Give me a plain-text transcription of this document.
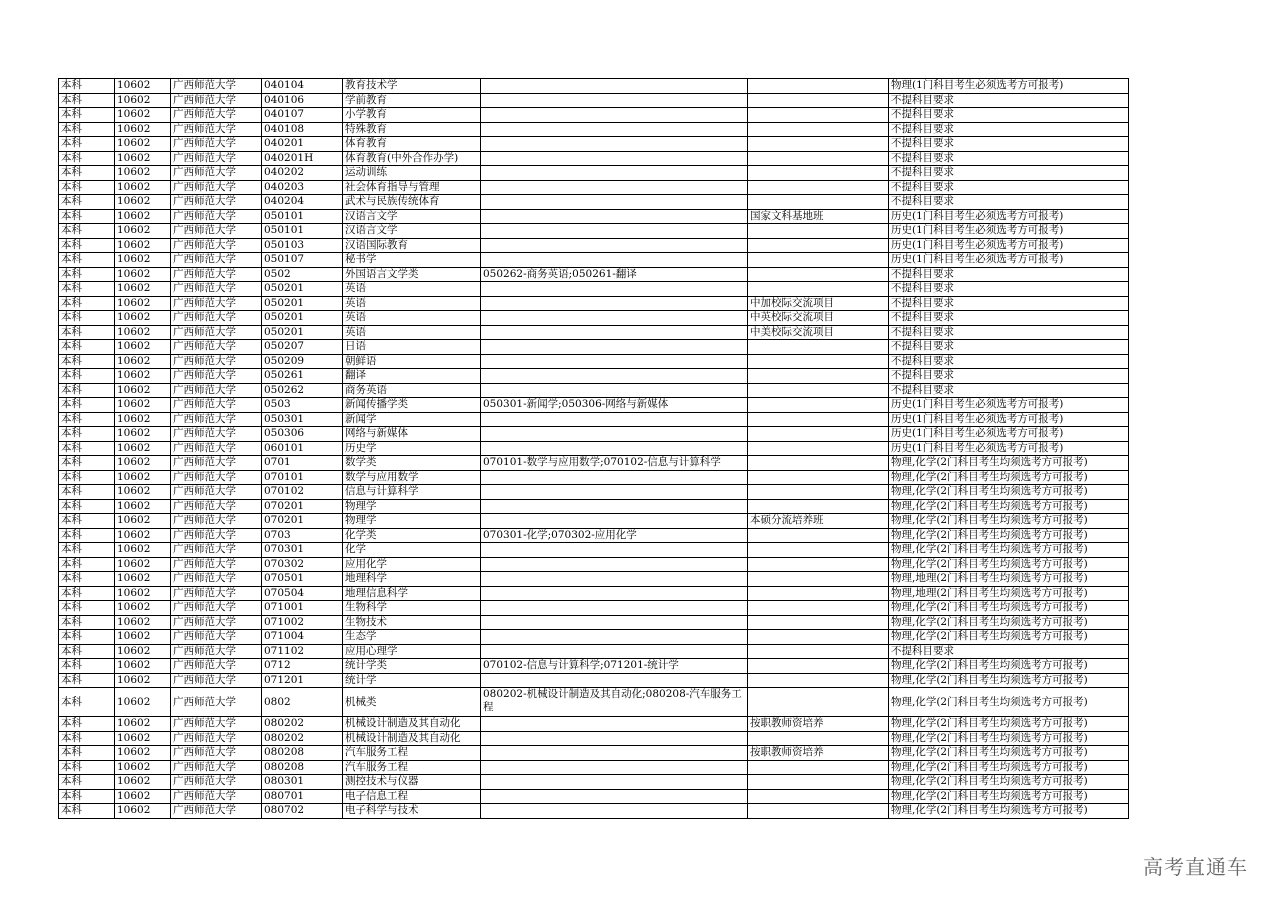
本科	10602	广西师范大学	040104	教育技术学			物理(1门科目考生必须选考方可报考)
本科	10602	广西师范大学	040106	学前教育			不提科目要求
本科	10602	广西师范大学	040107	小学教育			不提科目要求
本科	10602	广西师范大学	040108	特殊教育			不提科目要求
本科	10602	广西师范大学	040201	体育教育			不提科目要求
本科	10602	广西师范大学	040201H	体育教育(中外合作办学)			不提科目要求
本科	10602	广西师范大学	040202	运动训练			不提科目要求
本科	10602	广西师范大学	040203	社会体育指导与管理			不提科目要求
本科	10602	广西师范大学	040204	武术与民族传统体育			不提科目要求
本科	10602	广西师范大学	050101	汉语言文学		国家文科基地班	历史(1门科目考生必须选考方可报考)
本科	10602	广西师范大学	050101	汉语言文学			历史(1门科目考生必须选考方可报考)
本科	10602	广西师范大学	050103	汉语国际教育			历史(1门科目考生必须选考方可报考)
本科	10602	广西师范大学	050107	秘书学			历史(1门科目考生必须选考方可报考)
本科	10602	广西师范大学	0502	外国语言文学类	050262-商务英语;050261-翻译		不提科目要求
本科	10602	广西师范大学	050201	英语			不提科目要求
本科	10602	广西师范大学	050201	英语		中加校际交流项目	不提科目要求
本科	10602	广西师范大学	050201	英语		中英校际交流项目	不提科目要求
本科	10602	广西师范大学	050201	英语		中美校际交流项目	不提科目要求
本科	10602	广西师范大学	050207	日语			不提科目要求
本科	10602	广西师范大学	050209	朝鲜语			不提科目要求
本科	10602	广西师范大学	050261	翻译			不提科目要求
本科	10602	广西师范大学	050262	商务英语			不提科目要求
本科	10602	广西师范大学	0503	新闻传播学类	050301-新闻学;050306-网络与新媒体		历史(1门科目考生必须选考方可报考)
本科	10602	广西师范大学	050301	新闻学			历史(1门科目考生必须选考方可报考)
本科	10602	广西师范大学	050306	网络与新媒体			历史(1门科目考生必须选考方可报考)
本科	10602	广西师范大学	060101	历史学			历史(1门科目考生必须选考方可报考)
本科	10602	广西师范大学	0701	数学类	070101-数学与应用数学;070102-信息与计算科学		物理,化学(2门科目考生均须选考方可报考)
本科	10602	广西师范大学	070101	数学与应用数学			物理,化学(2门科目考生均须选考方可报考)
本科	10602	广西师范大学	070102	信息与计算科学			物理,化学(2门科目考生均须选考方可报考)
本科	10602	广西师范大学	070201	物理学			物理,化学(2门科目考生均须选考方可报考)
本科	10602	广西师范大学	070201	物理学		本硕分流培养班	物理,化学(2门科目考生均须选考方可报考)
本科	10602	广西师范大学	0703	化学类	070301-化学;070302-应用化学		物理,化学(2门科目考生均须选考方可报考)
本科	10602	广西师范大学	070301	化学			物理,化学(2门科目考生均须选考方可报考)
本科	10602	广西师范大学	070302	应用化学			物理,化学(2门科目考生均须选考方可报考)
本科	10602	广西师范大学	070501	地理科学			物理,地理(2门科目考生均须选考方可报考)
本科	10602	广西师范大学	070504	地理信息科学			物理,地理(2门科目考生均须选考方可报考)
本科	10602	广西师范大学	071001	生物科学			物理,化学(2门科目考生均须选考方可报考)
本科	10602	广西师范大学	071002	生物技术			物理,化学(2门科目考生均须选考方可报考)
本科	10602	广西师范大学	071004	生态学			物理,化学(2门科目考生均须选考方可报考)
本科	10602	广西师范大学	071102	应用心理学			不提科目要求
本科	10602	广西师范大学	0712	统计学类	070102-信息与计算科学;071201-统计学		物理,化学(2门科目考生均须选考方可报考)
本科	10602	广西师范大学	071201	统计学			物理,化学(2门科目考生均须选考方可报考)
本科	10602	广西师范大学	0802	机械类	080202-机械设计制造及其自动化;080208-汽车服务工程		物理,化学(2门科目考生均须选考方可报考)
本科	10602	广西师范大学	080202	机械设计制造及其自动化		按职教师资培养	物理,化学(2门科目考生均须选考方可报考)
本科	10602	广西师范大学	080202	机械设计制造及其自动化			物理,化学(2门科目考生均须选考方可报考)
本科	10602	广西师范大学	080208	汽车服务工程		按职教师资培养	物理,化学(2门科目考生均须选考方可报考)
本科	10602	广西师范大学	080208	汽车服务工程			物理,化学(2门科目考生均须选考方可报考)
本科	10602	广西师范大学	080301	测控技术与仪器			物理,化学(2门科目考生均须选考方可报考)
本科	10602	广西师范大学	080701	电子信息工程			物理,化学(2门科目考生均须选考方可报考)
本科	10602	广西师范大学	080702	电子科学与技术			物理,化学(2门科目考生均须选考方可报考)
高考直通车
